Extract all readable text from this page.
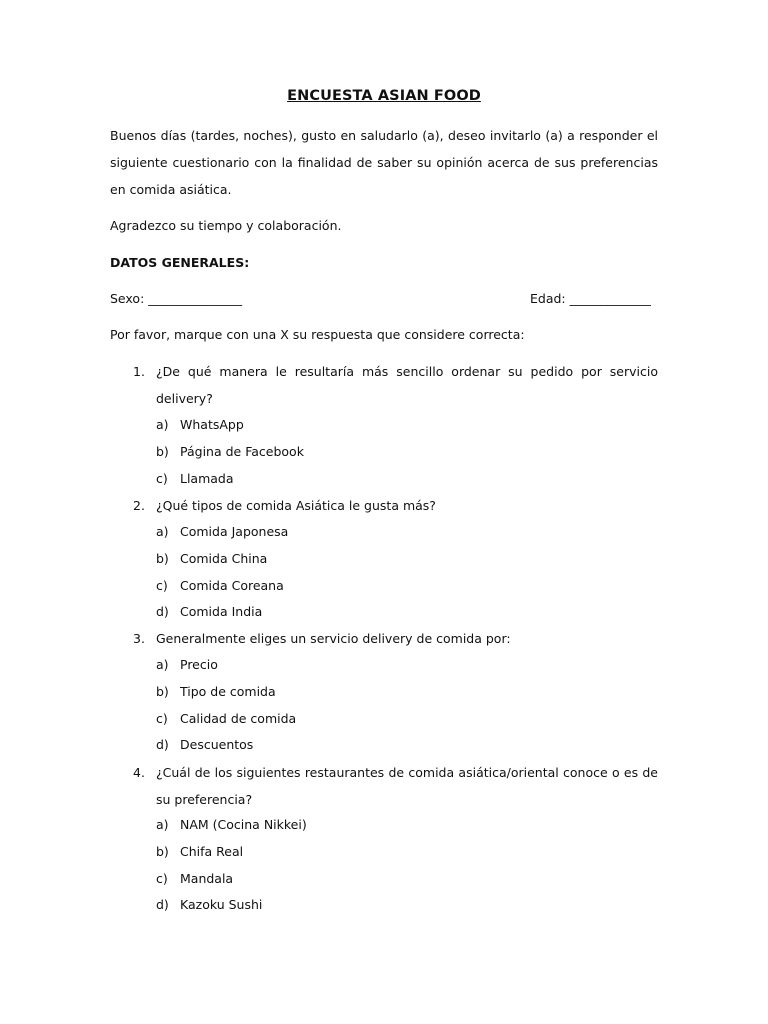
ENCUESTA ASIAN FOOD
Buenos días (tardes, noches), gusto en saludarlo (a), deseo invitarlo (a) a responder el siguiente cuestionario con la finalidad de saber su opinión acerca de sus preferencias en comida asiática.
Agradezco su tiempo y colaboración.
DATOS GENERALES:
Sexo: _______________	Edad: _____________
Por favor, marque con una X su respuesta que considere correcta:
1. ¿De qué manera le resultaría más sencillo ordenar su pedido por servicio delivery?
a) WhatsApp
b) Página de Facebook
c) Llamada
2. ¿Qué tipos de comida Asiática le gusta más?
a) Comida Japonesa
b) Comida China
c) Comida Coreana
d) Comida India
3. Generalmente eliges un servicio delivery de comida por:
a) Precio
b) Tipo de comida
c) Calidad de comida
d) Descuentos
4. ¿Cuál de los siguientes restaurantes de comida asiática/oriental conoce o es de su preferencia?
a) NAM (Cocina Nikkei)
b) Chifa Real
c) Mandala
d) Kazoku Sushi
